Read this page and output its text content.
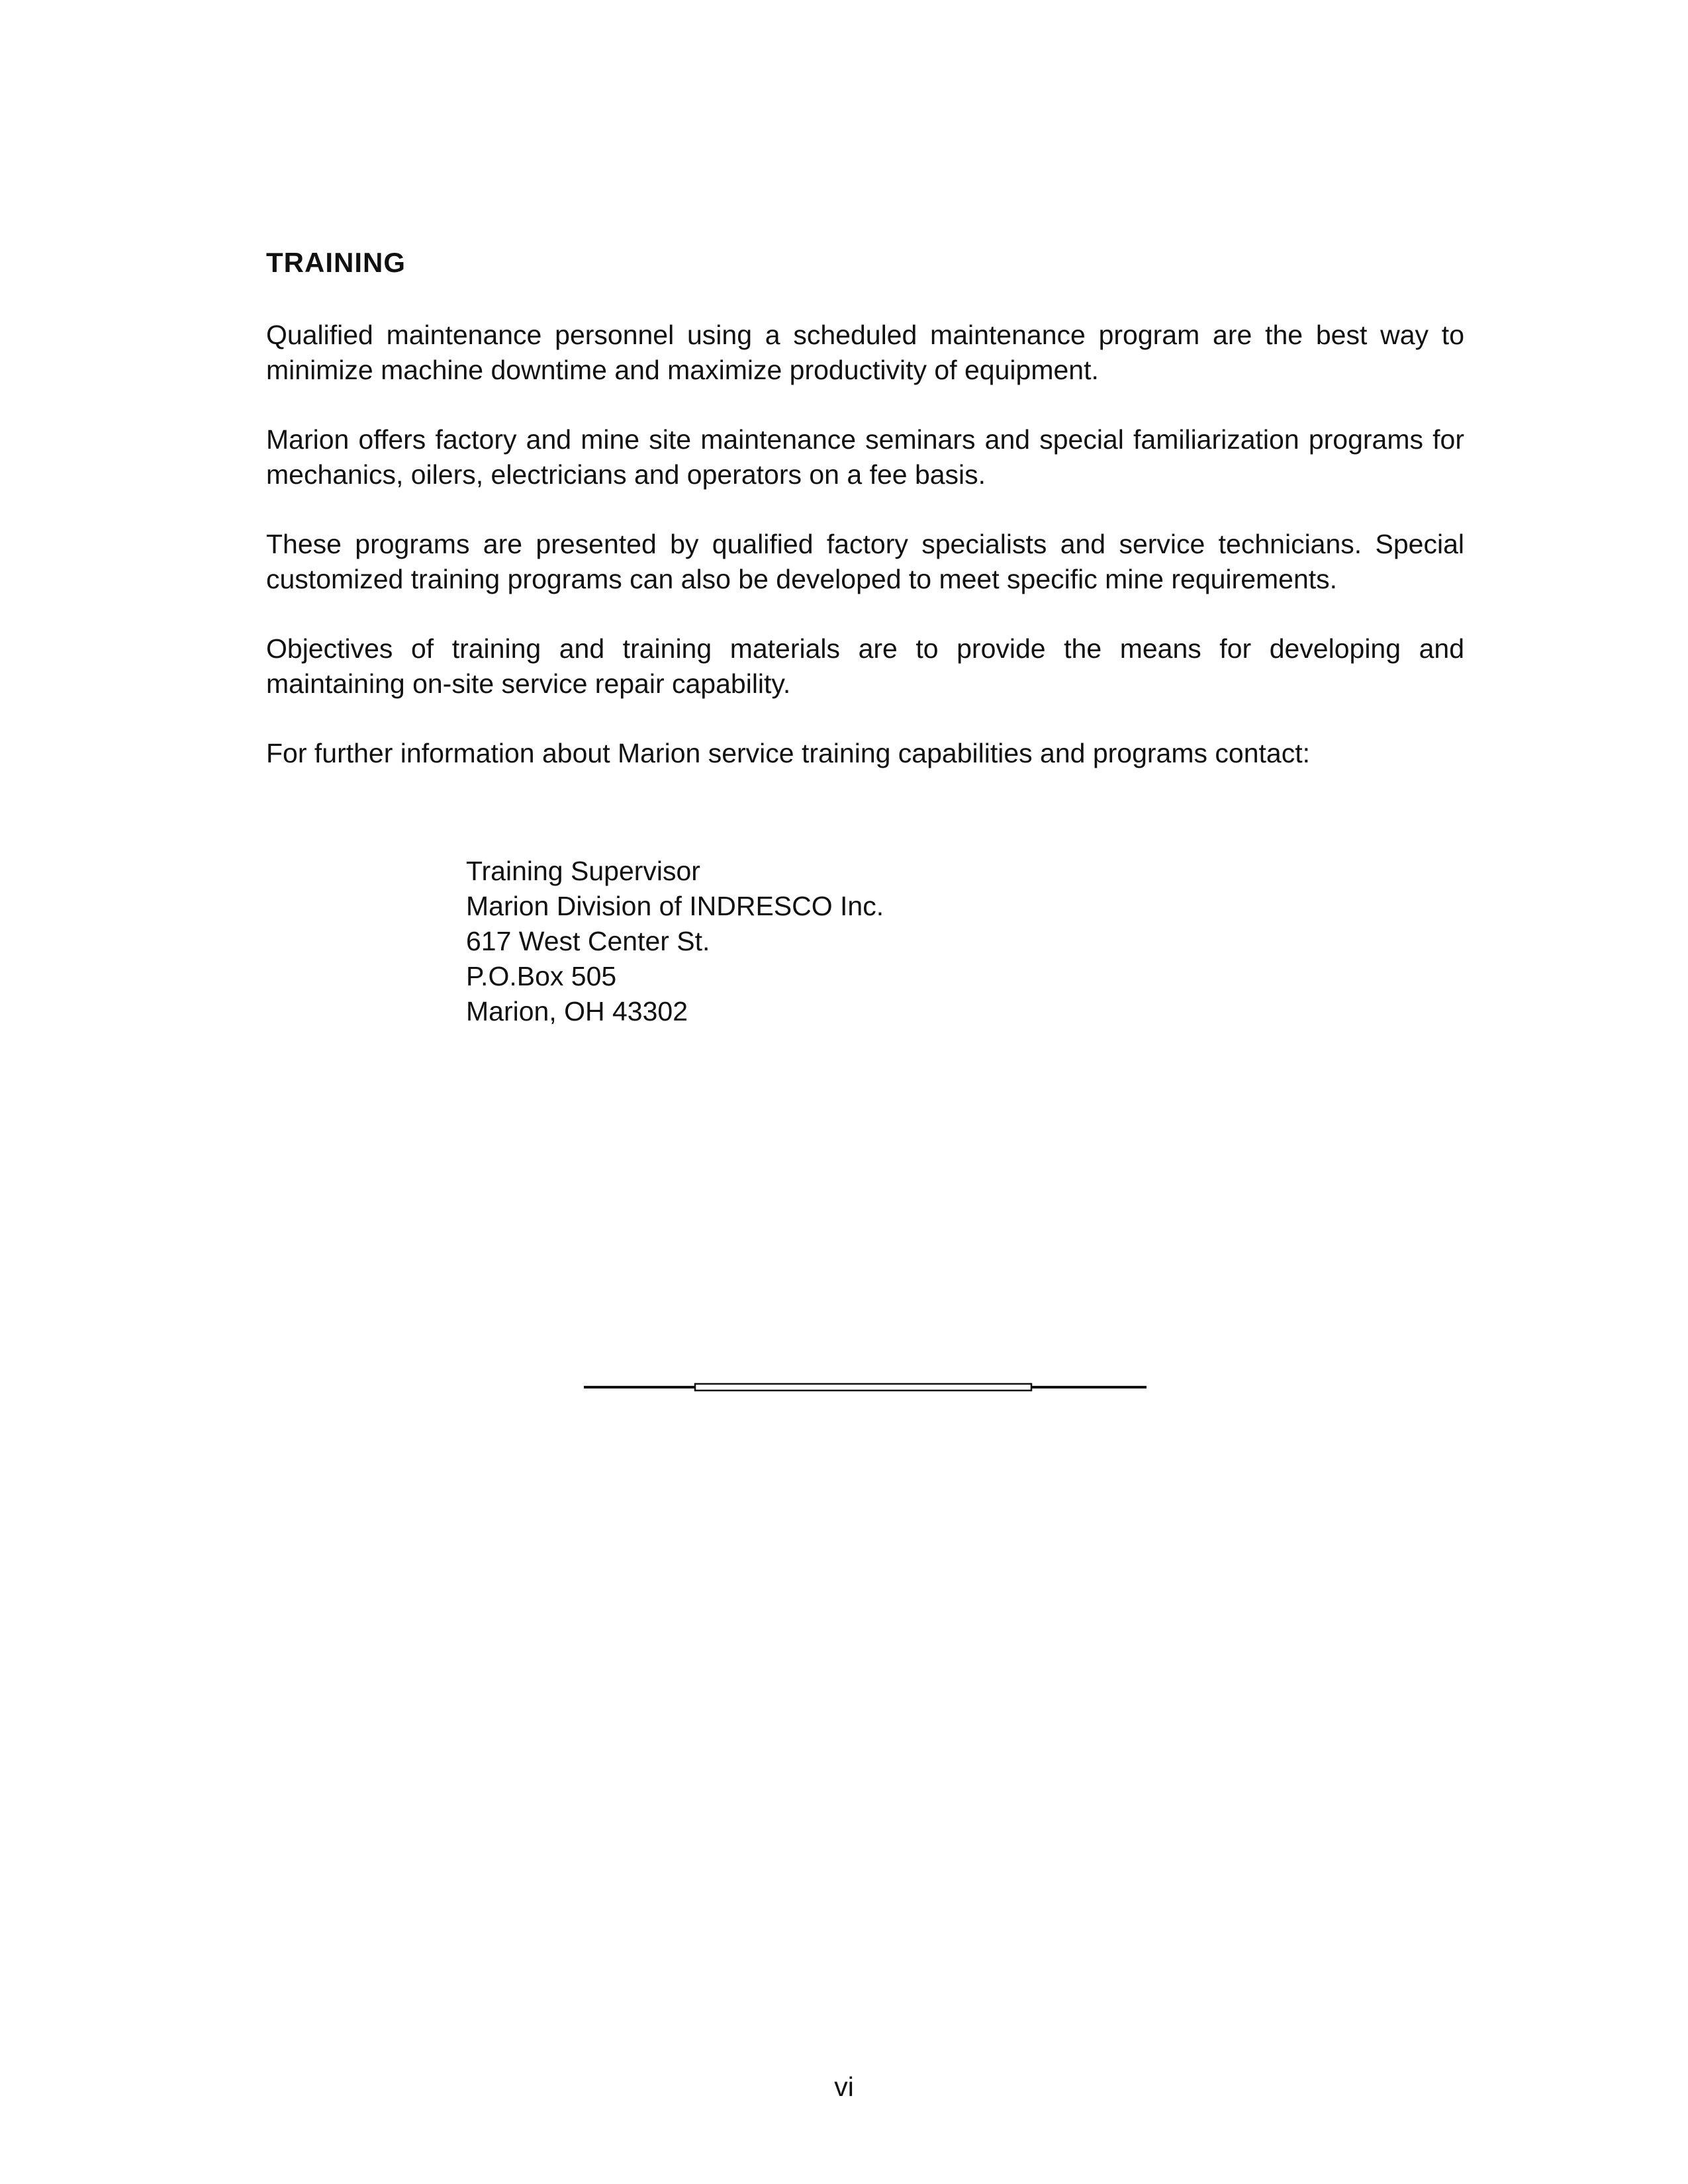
TRAINING

Qualified maintenance personnel using a scheduled maintenance program are the best way to minimize machine downtime and maximize productivity of equipment.

Marion offers factory and mine site maintenance seminars and special familiarization programs for mechanics, oilers, electricians and operators on a fee basis.

These programs are presented by qualified factory specialists and service technicians. Special customized training programs can also be developed to meet specific mine requirements.

Objectives of training and training materials are to provide the means for developing and maintaining on-site service repair capability.

For further information about Marion service training capabilities and programs contact:

Training Supervisor
Marion Division of INDRESCO Inc.
617 West Center St.
P.O.Box 505
Marion, OH 43302
vi
